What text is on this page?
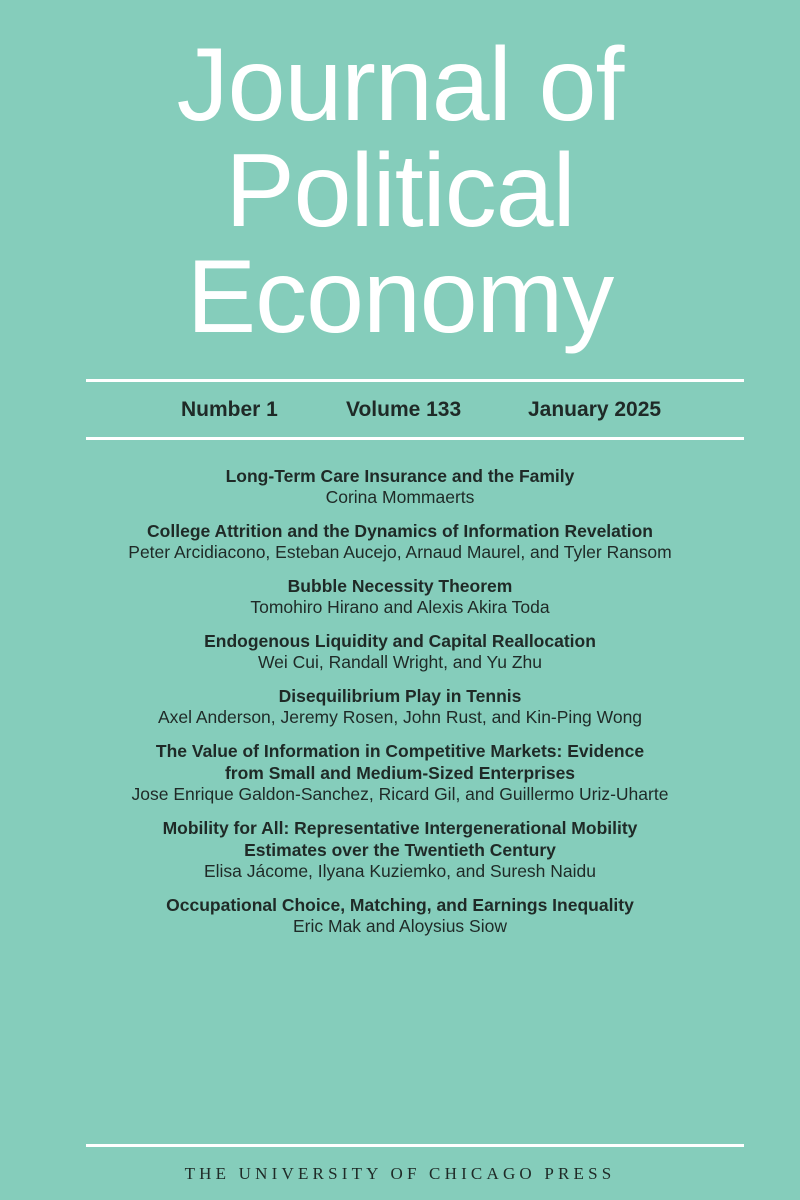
Journal of
Political
Economy
Number 1	Volume 133	January 2025
Long-Term Care Insurance and the Family
Corina Mommaerts
College Attrition and the Dynamics of Information Revelation
Peter Arcidiacono, Esteban Aucejo, Arnaud Maurel, and Tyler Ransom
Bubble Necessity Theorem
Tomohiro Hirano and Alexis Akira Toda
Endogenous Liquidity and Capital Reallocation
Wei Cui, Randall Wright, and Yu Zhu
Disequilibrium Play in Tennis
Axel Anderson, Jeremy Rosen, John Rust, and Kin-Ping Wong
The Value of Information in Competitive Markets: Evidence
from Small and Medium-Sized Enterprises
Jose Enrique Galdon-Sanchez, Ricard Gil, and Guillermo Uriz-Uharte
Mobility for All: Representative Intergenerational Mobility
Estimates over the Twentieth Century
Elisa Jácome, Ilyana Kuziemko, and Suresh Naidu
Occupational Choice, Matching, and Earnings Inequality
Eric Mak and Aloysius Siow
THE UNIVERSITY OF CHICAGO PRESS
